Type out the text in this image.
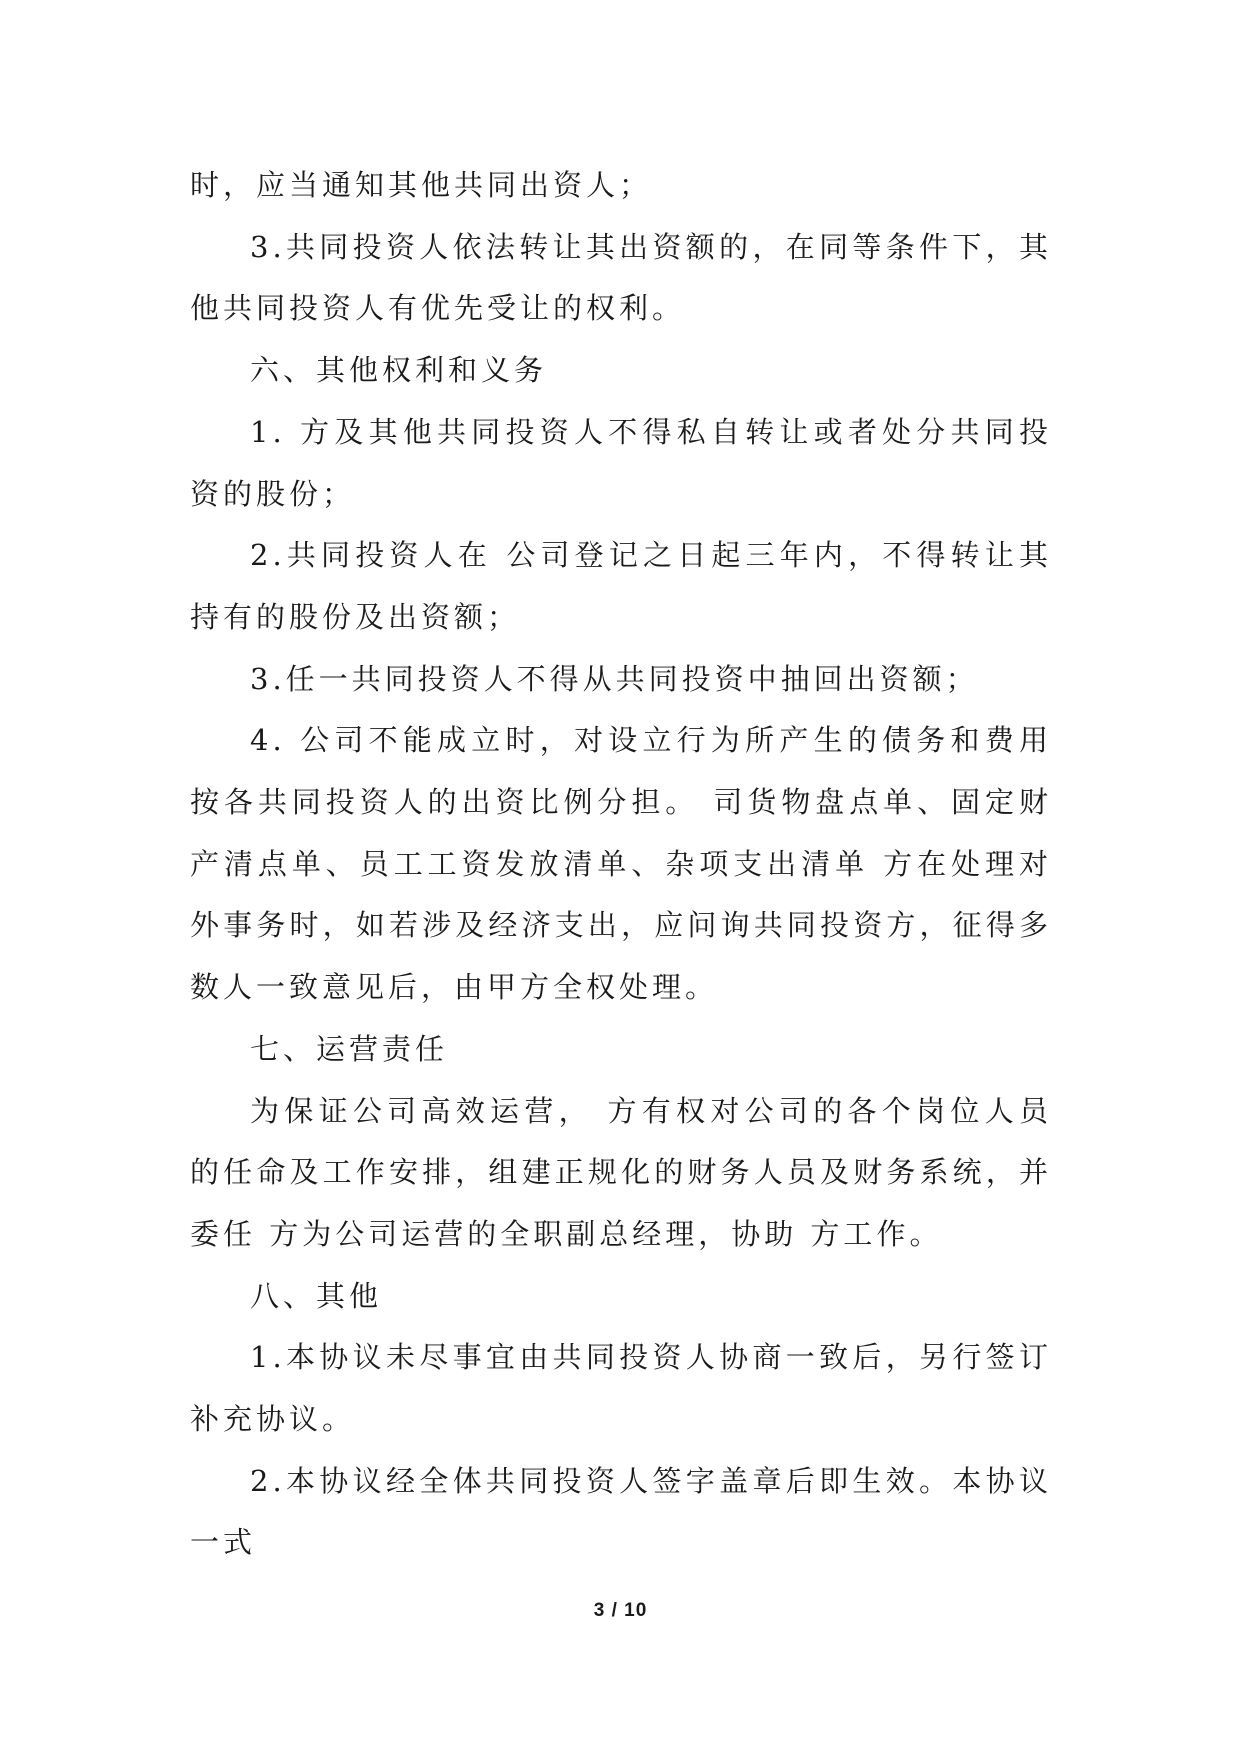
时，应当通知其他共同出资人；

3.共同投资人依法转让其出资额的，在同等条件下，其他共同投资人有优先受让的权利。

六、其他权利和义务

1. 方及其他共同投资人不得私自转让或者处分共同投资的股份；

2.共同投资人在 公司登记之日起三年内，不得转让其持有的股份及出资额；

3.任一共同投资人不得从共同投资中抽回出资额；

4. 公司不能成立时，对设立行为所产生的债务和费用按各共同投资人的出资比例分担。 司货物盘点单、固定财产清点单、员工工资发放清单、杂项支出清单 方在处理对外事务时，如若涉及经济支出，应问询共同投资方，征得多数人一致意见后，由甲方全权处理。

七、运营责任

为保证公司高效运营， 方有权对公司的各个岗位人员的任命及工作安排，组建正规化的财务人员及财务系统，并委任 方为公司运营的全职副总经理，协助 方工作。

八、其他

1.本协议未尽事宜由共同投资人协商一致后，另行签订补充协议。

2.本协议经全体共同投资人签字盖章后即生效。本协议一式

3 / 10
